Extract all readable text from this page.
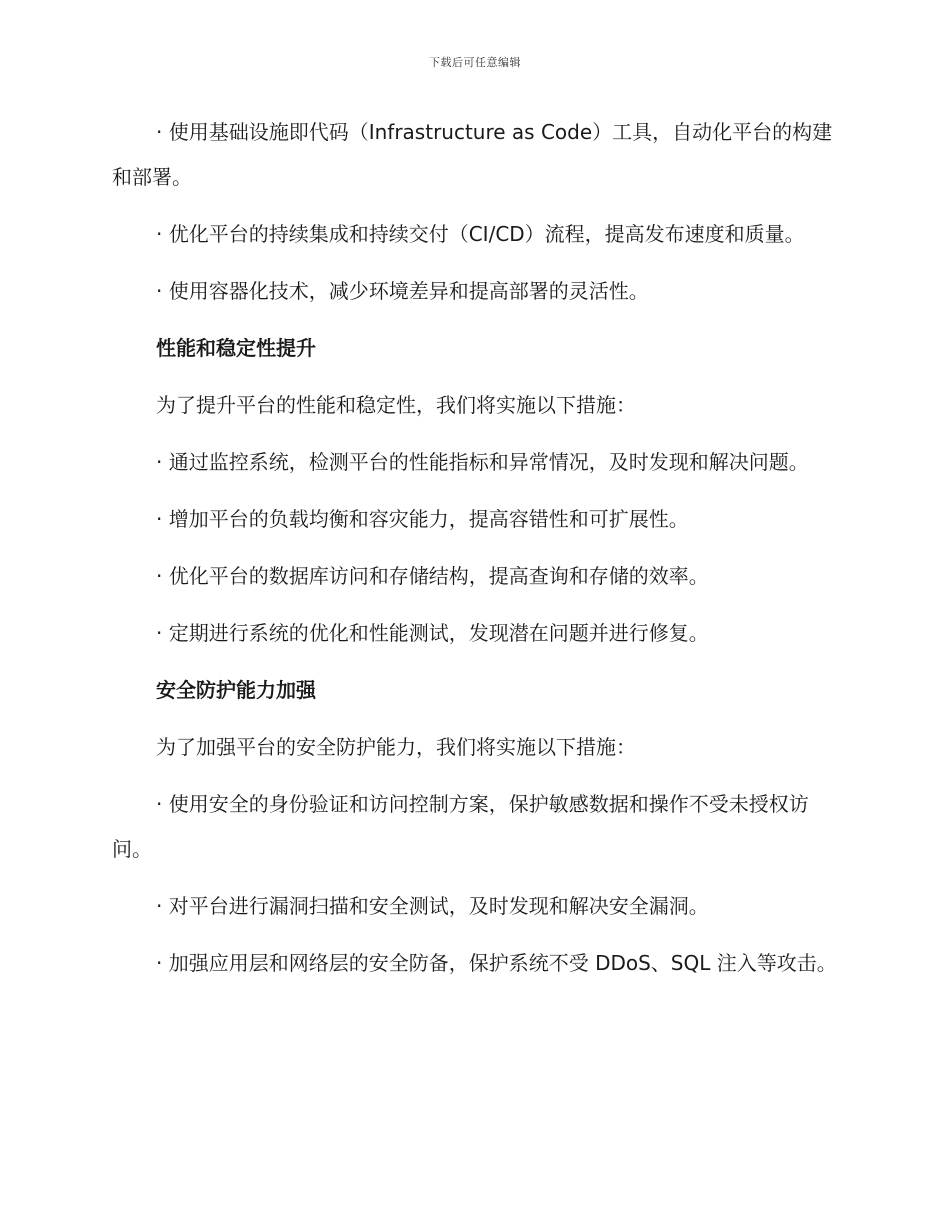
下载后可任意编辑

· 使用基础设施即代码（Infrastructure as Code）工具，自动化平台的构建和部署。

· 优化平台的持续集成和持续交付（CI/CD）流程，提高发布速度和质量。

· 使用容器化技术，减少环境差异和提高部署的灵活性。

性能和稳定性提升

为了提升平台的性能和稳定性，我们将实施以下措施：

· 通过监控系统，检测平台的性能指标和异常情况，及时发现和解决问题。

· 增加平台的负载均衡和容灾能力，提高容错性和可扩展性。

· 优化平台的数据库访问和存储结构，提高查询和存储的效率。

· 定期进行系统的优化和性能测试，发现潜在问题并进行修复。

安全防护能力加强

为了加强平台的安全防护能力，我们将实施以下措施：

· 使用安全的身份验证和访问控制方案，保护敏感数据和操作不受未授权访问。

· 对平台进行漏洞扫描和安全测试，及时发现和解决安全漏洞。

· 加强应用层和网络层的安全防备，保护系统不受 DDoS、SQL 注入等攻击。
